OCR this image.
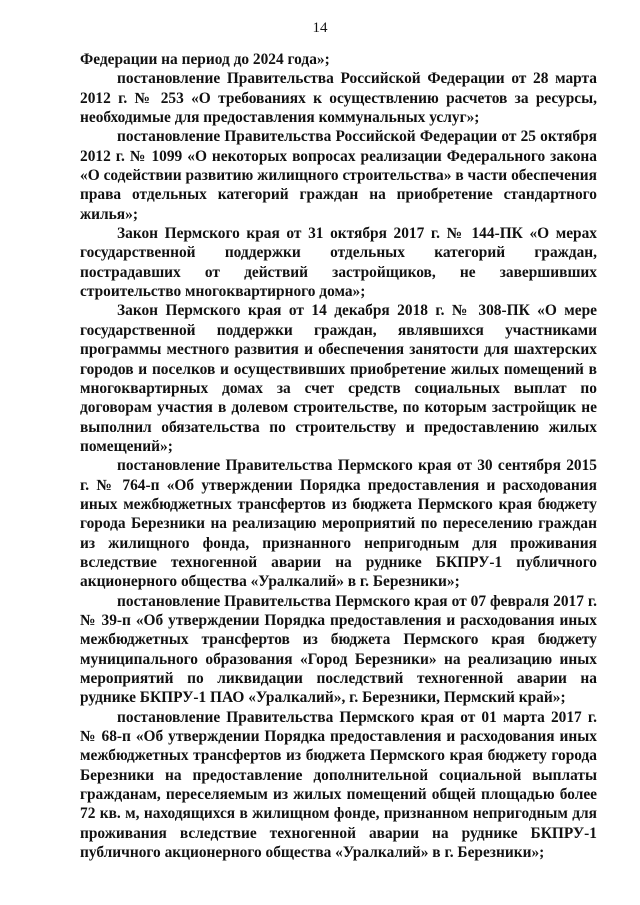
14

Федерации на период до 2024 года»;

постановление Правительства Российской Федерации от 28 марта 2012 г. № 253 «О требованиях к осуществлению расчетов за ресурсы, необходимые для предоставления коммунальных услуг»;

постановление Правительства Российской Федерации от 25 октября 2012 г. № 1099 «О некоторых вопросах реализации Федерального закона «О содействии развитию жилищного строительства» в части обеспечения права отдельных категорий граждан на приобретение стандартного жилья»;

Закон Пермского края от 31 октября 2017 г. № 144-ПК «О мерах государственной поддержки отдельных категорий граждан, пострадавших от действий застройщиков, не завершивших строительство многоквартирного дома»;

Закон Пермского края от 14 декабря 2018 г. № 308-ПК «О мере государственной поддержки граждан, являвшихся участниками программы местного развития и обеспечения занятости для шахтерских городов и поселков и осуществивших приобретение жилых помещений в многоквартирных домах за счет средств социальных выплат по договорам участия в долевом строительстве, по которым застройщик не выполнил обязательства по строительству и предоставлению жилых помещений»;

постановление Правительства Пермского края от 30 сентября 2015 г. № 764-п «Об утверждении Порядка предоставления и расходования иных межбюджетных трансфертов из бюджета Пермского края бюджету города Березники на реализацию мероприятий по переселению граждан из жилищного фонда, признанного непригодным для проживания вследствие техногенной аварии на руднике БКПРУ-1 публичного акционерного общества «Уралкалий» в г. Березники»;

постановление Правительства Пермского края от 07 февраля 2017 г. № 39-п «Об утверждении Порядка предоставления и расходования иных межбюджетных трансфертов из бюджета Пермского края бюджету муниципального образования «Город Березники» на реализацию иных мероприятий по ликвидации последствий техногенной аварии на руднике БКПРУ-1 ПАО «Уралкалий», г. Березники, Пермский край»;

постановление Правительства Пермского края от 01 марта 2017 г. № 68-п «Об утверждении Порядка предоставления и расходования иных межбюджетных трансфертов из бюджета Пермского края бюджету города Березники на предоставление дополнительной социальной выплаты гражданам, переселяемым из жилых помещений общей площадью более 72 кв. м, находящихся в жилищном фонде, признанном непригодным для проживания вследствие техногенной аварии на руднике БКПРУ-1 публичного акционерного общества «Уралкалий» в г. Березники»;
